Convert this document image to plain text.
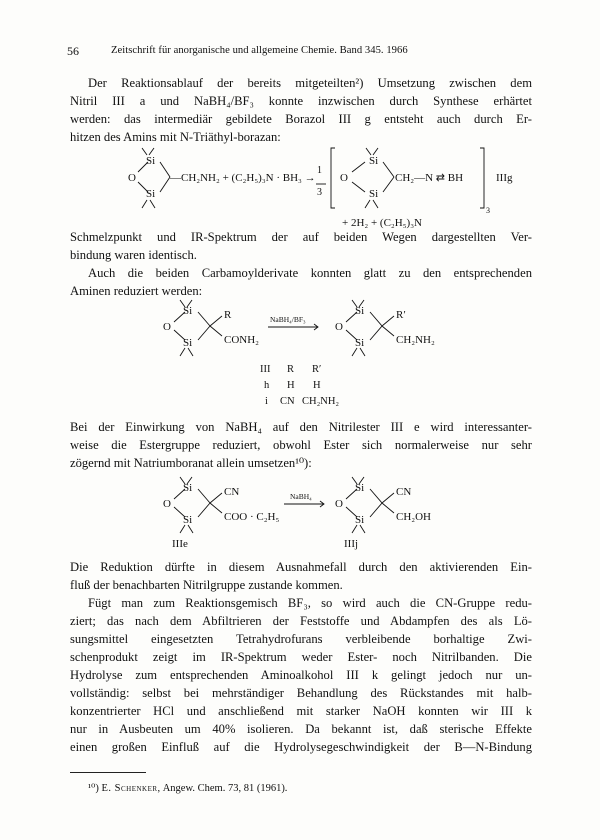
56	Zeitschrift für anorganische und allgemeine Chemie. Band 345. 1966
Der Reaktionsablauf der bereits mitgeteilten²) Umsetzung zwischen dem
Nitril III a und NaBH₄/BF₃ konnte inzwischen durch Synthese erhärtet
werden: das intermediär gebildete Borazol III g entsteht auch durch Er-
hitzen des Amins mit N-Triäthyl-borazan:
Si
Si
O	—CH₂NH₂ + (C₂H₅)₃N · BH₃ →
1
3
Si
Si
O	CH₂—N ⇄ BH
3
IIIg
+ 2H₂ + (C₂H₅)₃N
Schmelzpunkt und IR-Spektrum der auf beiden Wegen dargestellten Ver-
bindung waren identisch.
Auch die beiden Carbamoylderivate konnten glatt zu den entsprechenden
Aminen reduziert werden:
Si
Si
O
R
CONH₂
NaBH₄/BF₃
Si
Si
O
R′
CH₂NH₂
III R R′
h H H
i CN CH₂NH₂
Bei der Einwirkung von NaBH₄ auf den Nitrilester III e wird interessanter-
weise die Estergruppe reduziert, obwohl Ester sich normalerweise nur sehr
zögernd mit Natriumboranat allein umsetzen¹⁰):
Si
Si
O
CN
COO · C₂H₅
NaBH₄
Si
Si
O
CN
CH₂OH
IIIe	IIIj
Die Reduktion dürfte in diesem Ausnahmefall durch den aktivierenden Ein-
fluß der benachbarten Nitrilgruppe zustande kommen.
Fügt man zum Reaktionsgemisch BF₃, so wird auch die CN-Gruppe redu-
ziert; das nach dem Abfiltrieren der Feststoffe und Abdampfen des als Lö-
sungsmittel eingesetzten Tetrahydrofurans verbleibende borhaltige Zwi-
schenprodukt zeigt im IR-Spektrum weder Ester- noch Nitrilbanden. Die
Hydrolyse zum entsprechenden Aminoalkohol III k gelingt jedoch nur un-
vollständig: selbst bei mehrständiger Behandlung des Rückstandes mit halb-
konzentrierter HCl und anschließend mit starker NaOH konnten wir III k
nur in Ausbeuten um 40% isolieren. Da bekannt ist, daß sterische Effekte
einen großen Einfluß auf die Hydrolysegeschwindigkeit der B—N-Bindung
¹⁰) E. Schenker, Angew. Chem. 73, 81 (1961).
